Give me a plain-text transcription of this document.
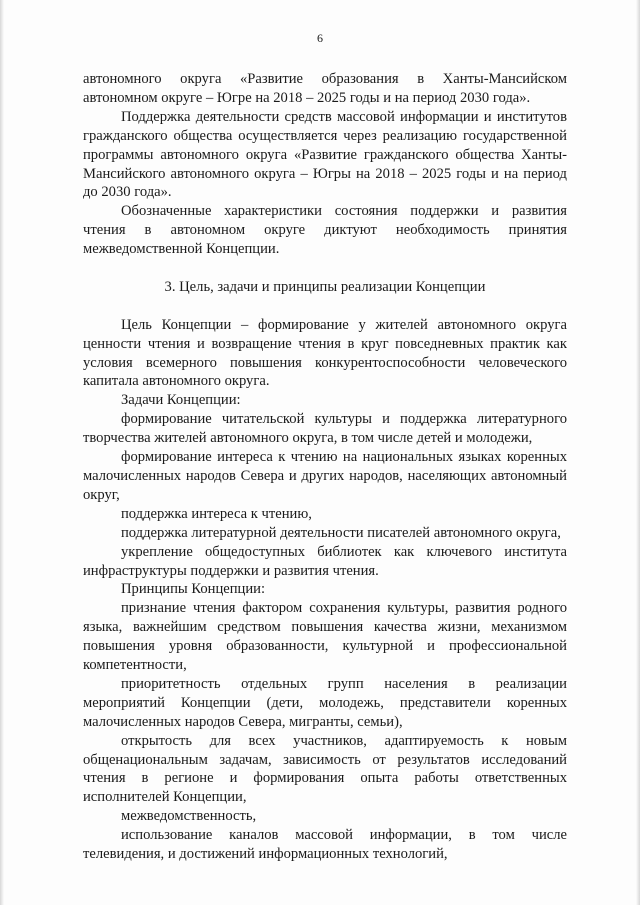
6

автономного округа «Развитие образования в Ханты-Мансийском автономном округе – Югре на 2018 – 2025 годы и на период 2030 года».

Поддержка деятельности средств массовой информации и институтов гражданского общества осуществляется через реализацию государственной программы автономного округа «Развитие гражданского общества Ханты-Мансийского автономного округа – Югры на 2018 – 2025 годы и на период до 2030 года».

Обозначенные характеристики состояния поддержки и развития чтения в автономном округе диктуют необходимость принятия межведомственной Концепции.

3. Цель, задачи и принципы реализации Концепции

Цель Концепции – формирование у жителей автономного округа ценности чтения и возвращение чтения в круг повседневных практик как условия всемерного повышения конкурентоспособности человеческого капитала автономного округа.

Задачи Концепции:

формирование читательской культуры и поддержка литературного творчества жителей автономного округа, в том числе детей и молодежи,

формирование интереса к чтению на национальных языках коренных малочисленных народов Севера и других народов, населяющих автономный округ,

поддержка интереса к чтению,

поддержка литературной деятельности писателей автономного округа,

укрепление общедоступных библиотек как ключевого института инфраструктуры поддержки и развития чтения.

Принципы Концепции:

признание чтения фактором сохранения культуры, развития родного языка, важнейшим средством повышения качества жизни, механизмом повышения уровня образованности, культурной и профессиональной компетентности,

приоритетность отдельных групп населения в реализации мероприятий Концепции (дети, молодежь, представители коренных малочисленных народов Севера, мигранты, семьи),

открытость для всех участников, адаптируемость к новым общенациональным задачам, зависимость от результатов исследований чтения в регионе и формирования опыта работы ответственных исполнителей Концепции,

межведомственность,

использование каналов массовой информации, в том числе телевидения, и достижений информационных технологий,
